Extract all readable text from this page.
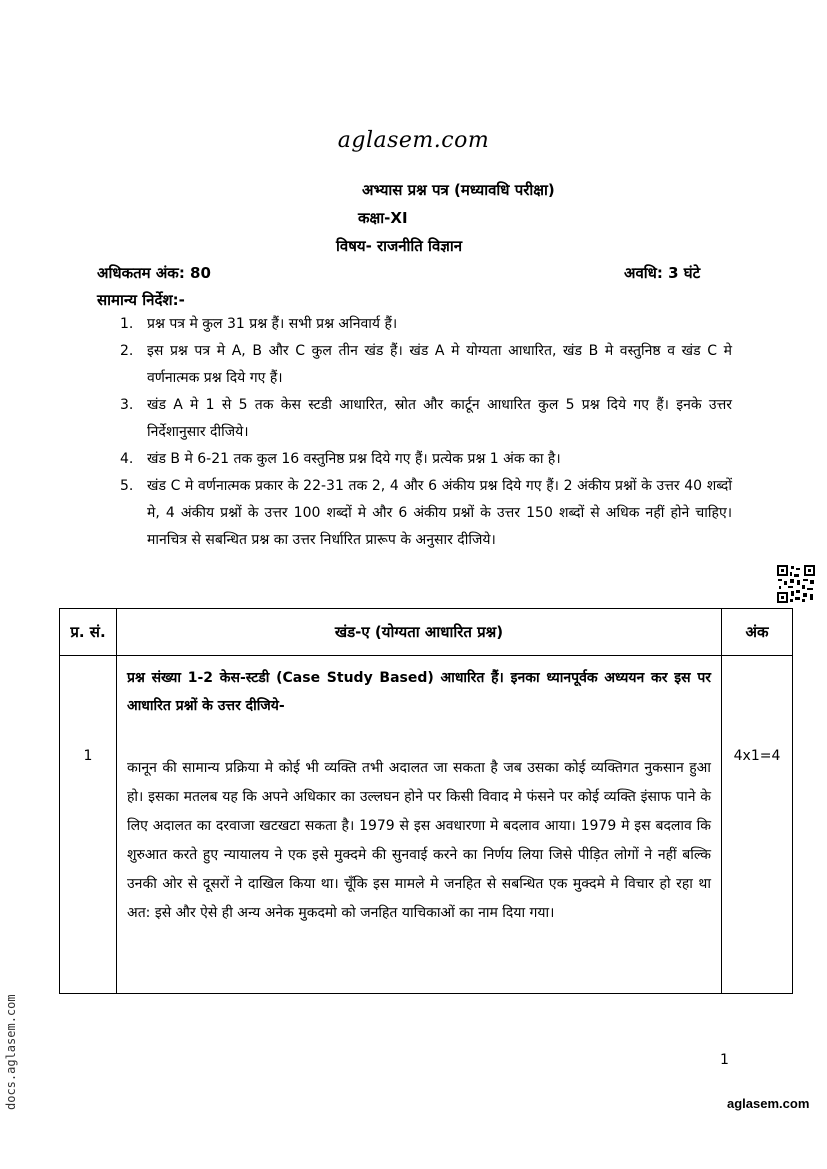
aglasem.com
अभ्यास प्रश्न पत्र (मध्यावधि परीक्षा)
कक्षा-XI
विषय- राजनीति विज्ञान
अधिकतम अंक: 80	अवधि: 3 घंटे
सामान्य निर्देश:-
1. प्रश्न पत्र मे कुल 31 प्रश्न हैं। सभी प्रश्न अनिवार्य हैं।
2. इस प्रश्न पत्र मे A, B और C कुल तीन खंड हैं। खंड A मे योग्यता आधारित, खंड B मे वस्तुनिष्ठ व खंड C मे वर्णनात्मक प्रश्न दिये गए हैं।
3. खंड A मे 1 से 5 तक केस स्टडी आधारित, स्रोत और कार्टून आधारित कुल 5 प्रश्न दिये गए हैं। इनके उत्तर निर्देशानुसार दीजिये।
4. खंड B मे 6-21 तक कुल 16 वस्तुनिष्ठ प्रश्न दिये गए हैं। प्रत्येक प्रश्न 1 अंक का है।
5. खंड C मे वर्णनात्मक प्रकार के 22-31 तक 2, 4 और 6 अंकीय प्रश्न दिये गए हैं। 2 अंकीय प्रश्नों के उत्तर 40 शब्दों मे, 4 अंकीय प्रश्नों के उत्तर 100 शब्दों मे और 6 अंकीय प्रश्नों के उत्तर 150 शब्दों से अधिक नहीं होने चाहिए। मानचित्र से सबन्धित प्रश्न का उत्तर निर्धारित प्रारूप के अनुसार दीजिये।
प्र. सं.	खंड-ए (योग्यता आधारित प्रश्न)	अंक
1	प्रश्न संख्या 1-2 केस-स्टडी (Case Study Based) आधारित हैं। इनका ध्यानपूर्वक अध्ययन कर इस पर आधारित प्रश्नों के उत्तर दीजिये-
कानून की सामान्य प्रक्रिया मे कोई भी व्यक्ति तभी अदालत जा सकता है जब उसका कोई व्यक्तिगत नुकसान हुआ हो। इसका मतलब यह कि अपने अधिकार का उल्लघन होने पर किसी विवाद मे फंसने पर कोई व्यक्ति इंसाफ पाने के लिए अदालत का दरवाजा खटखटा सकता है। 1979 से इस अवधारणा मे बदलाव आया। 1979 मे इस बदलाव कि शुरुआत करते हुए न्यायालय ने एक इसे मुक्दमे की सुनवाई करने का निर्णय लिया जिसे पीड़ित लोगों ने नहीं बल्कि उनकी ओर से दूसरों ने दाखिल किया था। चूँकि इस मामले मे जनहित से सबन्धित एक मुक्दमे मे विचार हो रहा था अत: इसे और ऐसे ही अन्य अनेक मुकदमो को जनहित याचिकाओं का नाम दिया गया।	4x1=4
1
aglasem.com
docs.aglasem.com
